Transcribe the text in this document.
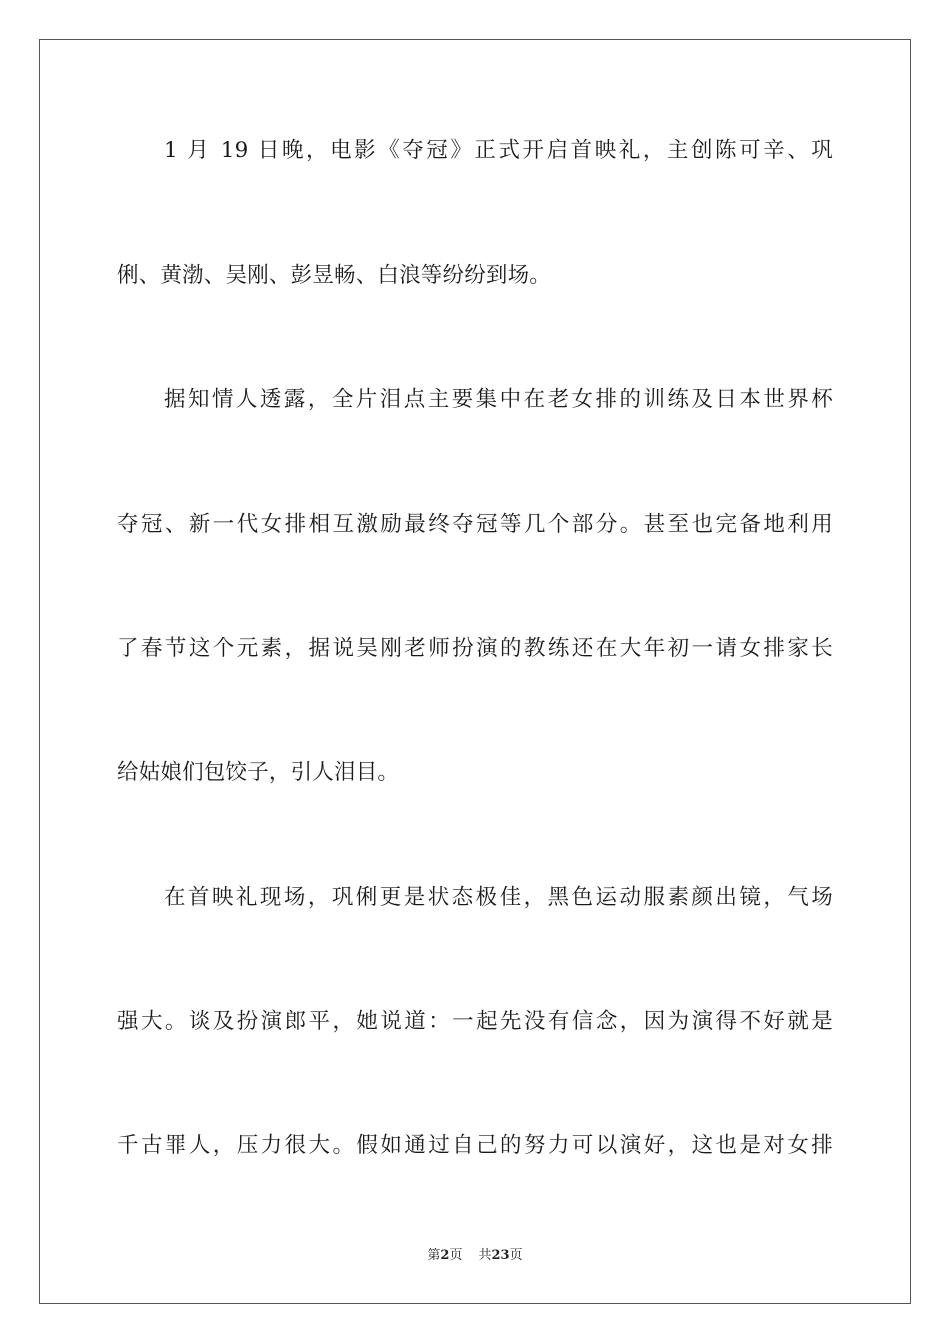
1 月 19 日晚，电影《夺冠》正式开启首映礼，主创陈可辛、巩
俐、黄渤、吴刚、彭昱畅、白浪等纷纷到场。
据知情人透露，全片泪点主要集中在老女排的训练及日本世界杯
夺冠、新一代女排相互激励最终夺冠等几个部分。甚至也完备地利用
了春节这个元素，据说吴刚老师扮演的教练还在大年初一请女排家长
给姑娘们包饺子，引人泪目。
在首映礼现场，巩俐更是状态极佳，黑色运动服素颜出镜，气场
强大。谈及扮演郎平，她说道：一起先没有信念，因为演得不好就是
千古罪人，压力很大。假如通过自己的努力可以演好，这也是对女排
第2页 共23页
